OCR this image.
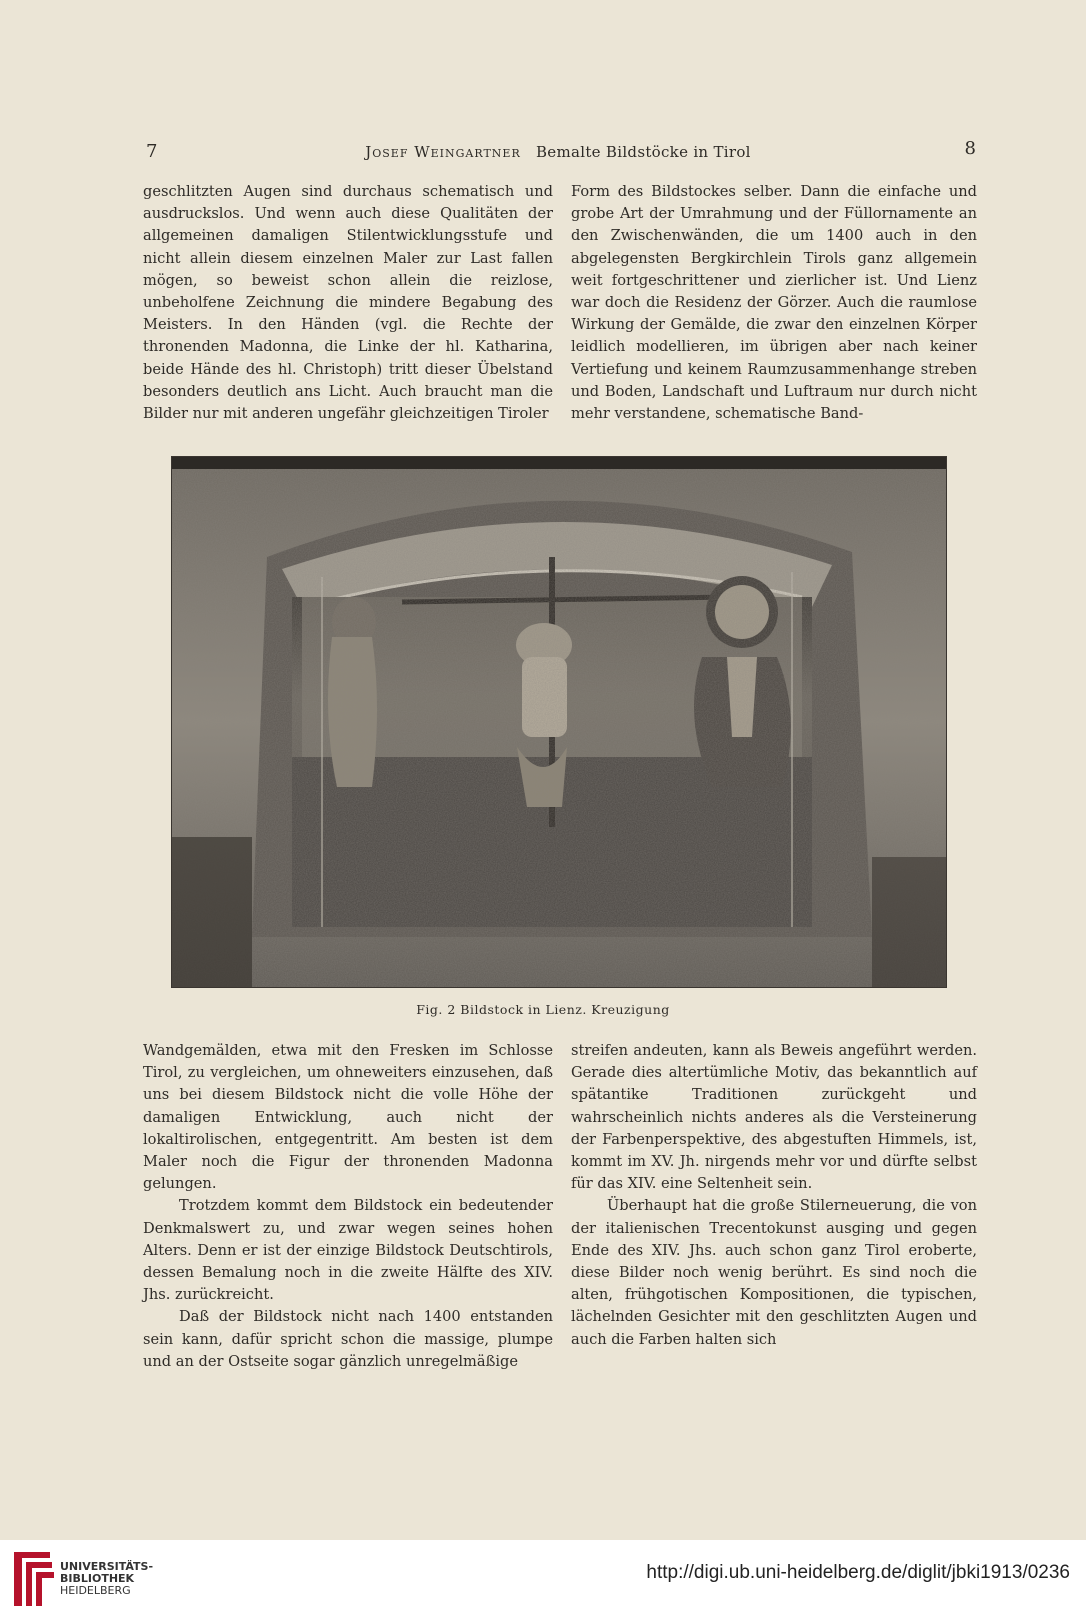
7	Josef Weingartner Bemalte Bildstöcke in Tirol	8

geschlitzten Augen sind durchaus schematisch und ausdruckslos. Und wenn auch diese Qualitäten der allgemeinen damaligen Stilentwicklungsstufe und nicht allein diesem einzelnen Maler zur Last fallen mögen, so beweist schon allein die reizlose, unbeholfene Zeichnung die mindere Begabung des Meisters. In den Händen (vgl. die Rechte der thronenden Madonna, die Linke der hl. Katharina, beide Hände des hl. Christoph) tritt dieser Übelstand besonders deutlich ans Licht. Auch braucht man die Bilder nur mit anderen ungefähr gleichzeitigen Tiroler

Form des Bildstockes selber. Dann die einfache und grobe Art der Umrahmung und der Füllornamente an den Zwischenwänden, die um 1400 auch in den abgelegensten Bergkirchlein Tirols ganz allgemein weit fortgeschrittener und zierlicher ist. Und Lienz war doch die Residenz der Görzer. Auch die raumlose Wirkung der Gemälde, die zwar den einzelnen Körper leidlich modellieren, im übrigen aber nach keiner Vertiefung und keinem Raumzusammenhange streben und Boden, Landschaft und Luftraum nur durch nicht mehr verstandene, schematische Band-

Fig. 2 Bildstock in Lienz. Kreuzigung

Wandgemälden, etwa mit den Fresken im Schlosse Tirol, zu vergleichen, um ohneweiters einzusehen, daß uns bei diesem Bildstock nicht die volle Höhe der damaligen Entwicklung, auch nicht der lokaltirolischen, entgegentritt. Am besten ist dem Maler noch die Figur der thronenden Madonna gelungen.

Trotzdem kommt dem Bildstock ein bedeutender Denkmalswert zu, und zwar wegen seines hohen Alters. Denn er ist der einzige Bildstock Deutschtirols, dessen Bemalung noch in die zweite Hälfte des XIV. Jhs. zurückreicht.

Daß der Bildstock nicht nach 1400 entstanden sein kann, dafür spricht schon die massige, plumpe und an der Ostseite sogar gänzlich unregelmäßige

streifen andeuten, kann als Beweis angeführt werden. Gerade dies altertümliche Motiv, das bekanntlich auf spätantike Traditionen zurückgeht und wahrscheinlich nichts anderes als die Versteinerung der Farbenperspektive, des abgestuften Himmels, ist, kommt im XV. Jh. nirgends mehr vor und dürfte selbst für das XIV. eine Seltenheit sein.

Überhaupt hat die große Stilerneuerung, die von der italienischen Trecentokunst ausging und gegen Ende des XIV. Jhs. auch schon ganz Tirol eroberte, diese Bilder noch wenig berührt. Es sind noch die alten, frühgotischen Kompositionen, die typischen, lächelnden Gesichter mit den geschlitzten Augen und auch die Farben halten sich

UNIVERSITÄTS-
BIBLIOTHEK
HEIDELBERG
http://digi.ub.uni-heidelberg.de/diglit/jbki1913/0236
